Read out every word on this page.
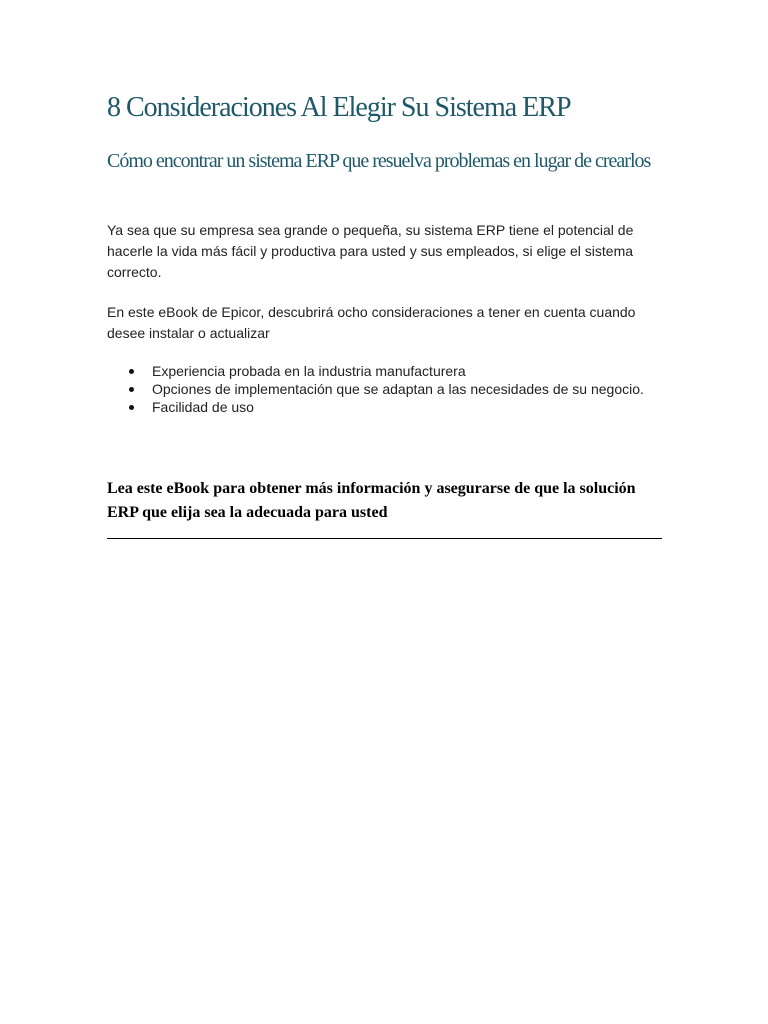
8 Consideraciones Al Elegir Su Sistema ERP
Cómo encontrar un sistema ERP que resuelva problemas en lugar de crearlos

Ya sea que su empresa sea grande o pequeña, su sistema ERP tiene el potencial de hacerle la vida más fácil y productiva para usted y sus empleados, si elige el sistema correcto.

En este eBook de Epicor, descubrirá ocho consideraciones a tener en cuenta cuando desee instalar o actualizar

Experiencia probada en la industria manufacturera
Opciones de implementación que se adaptan a las necesidades de su negocio.
Facilidad de uso

Lea este eBook para obtener más información y asegurarse de que la solución ERP que elija sea la adecuada para usted
